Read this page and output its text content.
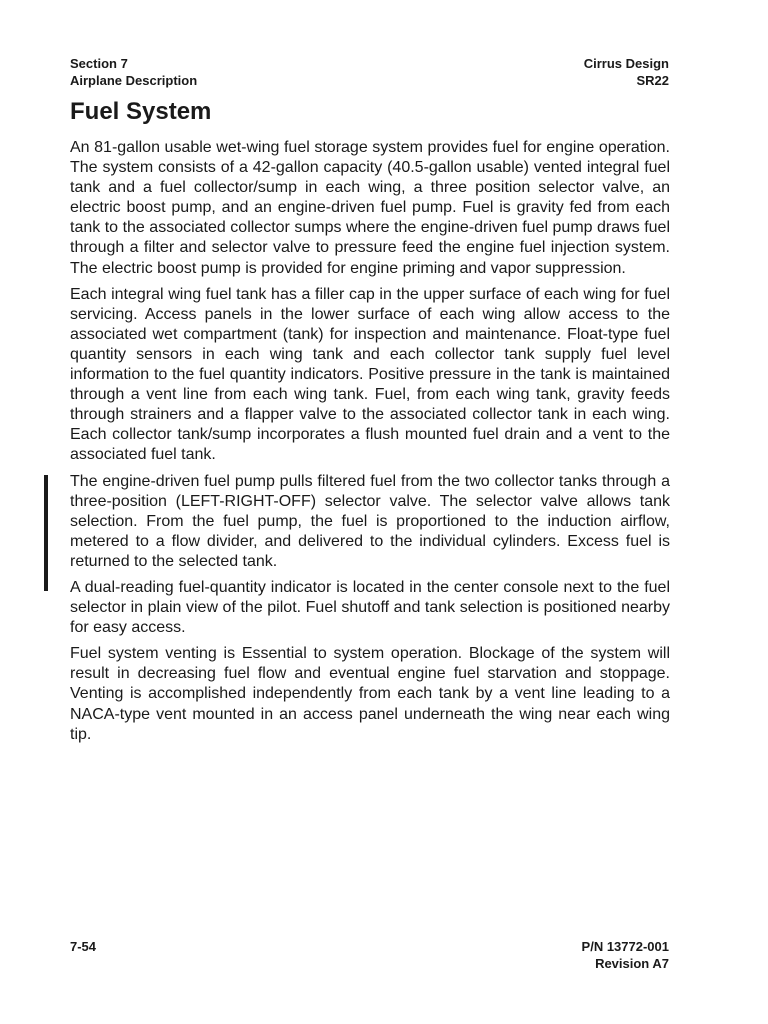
Section 7
Airplane Description
Cirrus Design
SR22
Fuel System

An 81-gallon usable wet-wing fuel storage system provides fuel for engine operation. The system consists of a 42-gallon capacity (40.5-gallon usable) vented integral fuel tank and a fuel collector/sump in each wing, a three position selector valve, an electric boost pump, and an engine-driven fuel pump. Fuel is gravity fed from each tank to the associated collector sumps where the engine-driven fuel pump draws fuel through a filter and selector valve to pressure feed the engine fuel injection system. The electric boost pump is provided for engine priming and vapor suppression.

Each integral wing fuel tank has a filler cap in the upper surface of each wing for fuel servicing. Access panels in the lower surface of each wing allow access to the associated wet compartment (tank) for inspection and maintenance. Float-type fuel quantity sensors in each wing tank and each collector tank supply fuel level information to the fuel quantity indicators. Positive pressure in the tank is maintained through a vent line from each wing tank. Fuel, from each wing tank, gravity feeds through strainers and a flapper valve to the associated collector tank in each wing. Each collector tank/sump incorporates a flush mounted fuel drain and a vent to the associated fuel tank.

The engine-driven fuel pump pulls filtered fuel from the two collector tanks through a three-position (LEFT-RIGHT-OFF) selector valve. The selector valve allows tank selection. From the fuel pump, the fuel is proportioned to the induction airflow, metered to a flow divider, and delivered to the individual cylinders. Excess fuel is returned to the selected tank.

A dual-reading fuel-quantity indicator is located in the center console next to the fuel selector in plain view of the pilot. Fuel shutoff and tank selection is positioned nearby for easy access.

Fuel system venting is Essential to system operation. Blockage of the system will result in decreasing fuel flow and eventual engine fuel starvation and stoppage. Venting is accomplished independently from each tank by a vent line leading to a NACA-type vent mounted in an access panel underneath the wing near each wing tip.

7-54	P/N 13772-001
Revision A7
